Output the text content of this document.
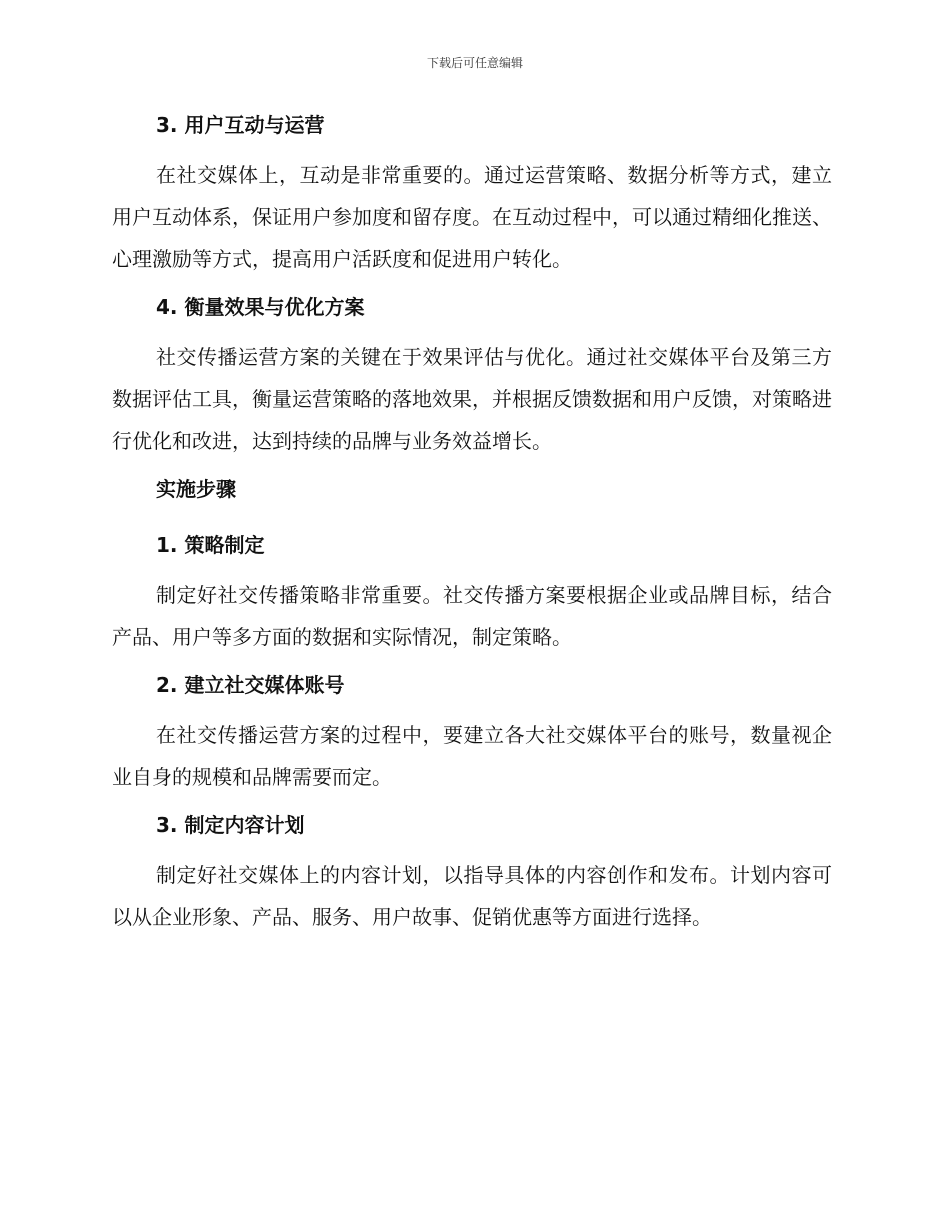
下载后可任意编辑
3. 用户互动与运营

在社交媒体上，互动是非常重要的。通过运营策略、数据分析等方式，建立用户互动体系，保证用户参加度和留存度。在互动过程中，可以通过精细化推送、心理激励等方式，提高用户活跃度和促进用户转化。

4. 衡量效果与优化方案

社交传播运营方案的关键在于效果评估与优化。通过社交媒体平台及第三方数据评估工具，衡量运营策略的落地效果，并根据反馈数据和用户反馈，对策略进行优化和改进，达到持续的品牌与业务效益增长。

实施步骤
1. 策略制定

制定好社交传播策略非常重要。社交传播方案要根据企业或品牌目标，结合产品、用户等多方面的数据和实际情况，制定策略。

2. 建立社交媒体账号

在社交传播运营方案的过程中，要建立各大社交媒体平台的账号，数量视企业自身的规模和品牌需要而定。

3. 制定内容计划

制定好社交媒体上的内容计划，以指导具体的内容创作和发布。计划内容可以从企业形象、产品、服务、用户故事、促销优惠等方面进行选择。
